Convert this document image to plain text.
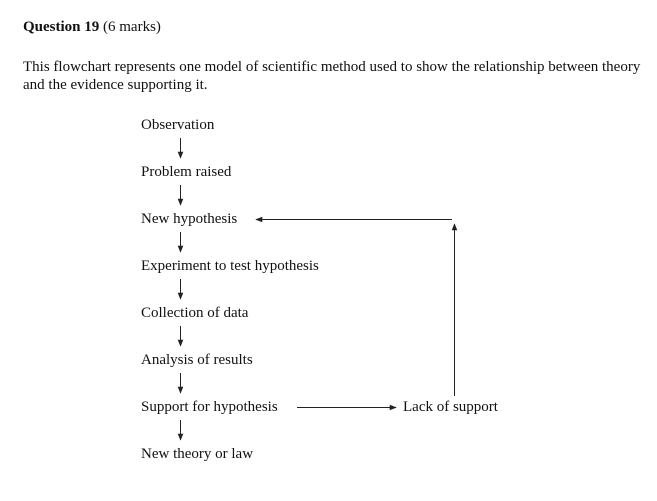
Question 19 (6 marks)
This flowchart represents one model of scientific method used to show the relationship between theory and the evidence supporting it.
Observation
Problem raised
New hypothesis
Experiment to test hypothesis
Collection of data
Analysis of results
Support for hypothesis
New theory or law
Lack of support
